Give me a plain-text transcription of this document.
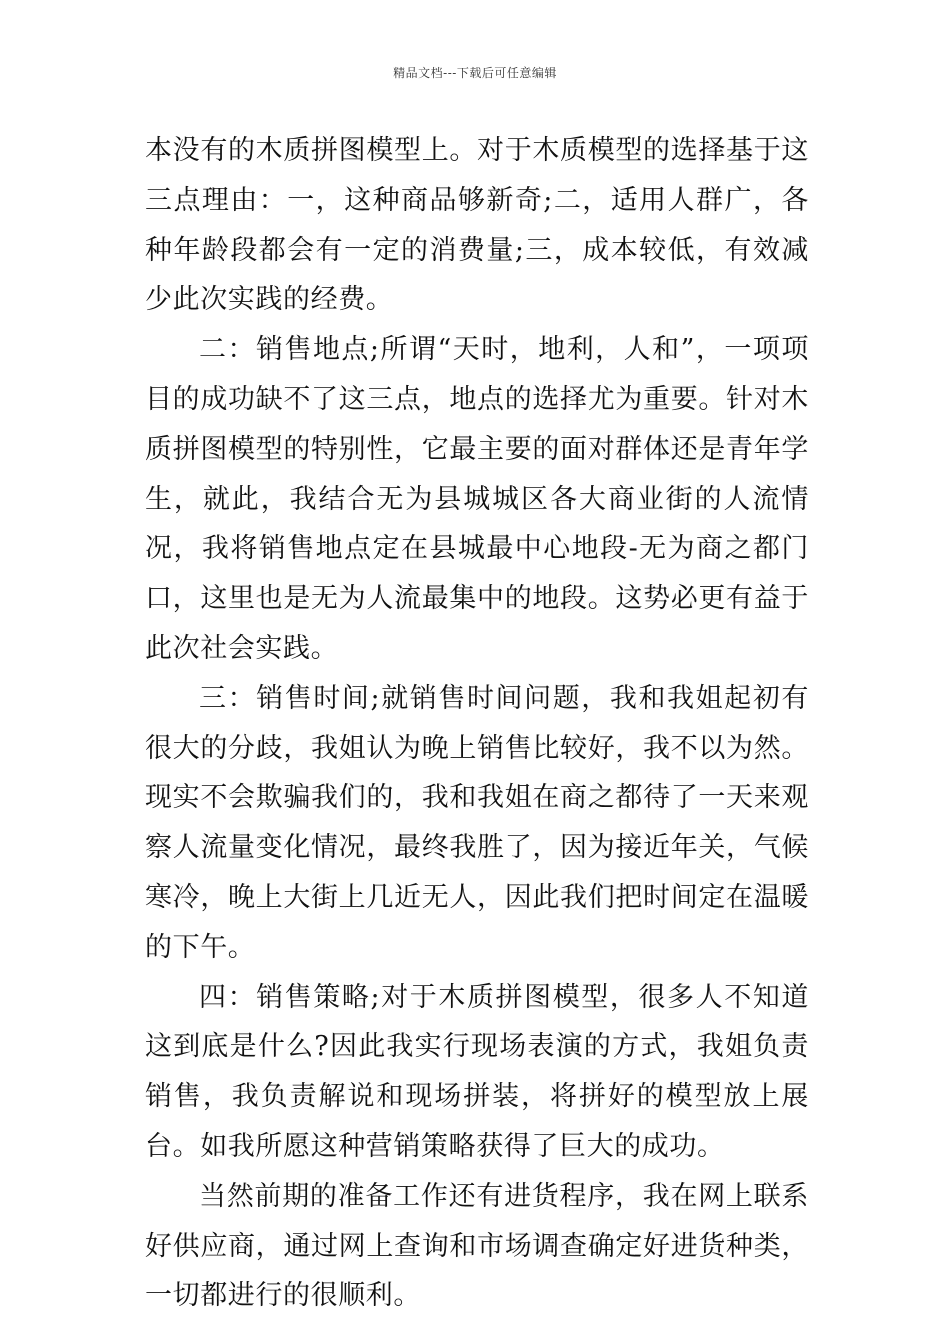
精品文档---下载后可任意编辑

本没有的木质拼图模型上。对于木质模型的选择基于这三点理由：一，这种商品够新奇;二，适用人群广，各种年龄段都会有一定的消费量;三，成本较低，有效减少此次实践的经费。

二：销售地点;所谓“天时，地利，人和”，一项项目的成功缺不了这三点，地点的选择尤为重要。针对木质拼图模型的特别性，它最主要的面对群体还是青年学生，就此，我结合无为县城城区各大商业街的人流情况，我将销售地点定在县城最中心地段-无为商之都门口，这里也是无为人流最集中的地段。这势必更有益于此次社会实践。

三：销售时间;就销售时间问题，我和我姐起初有很大的分歧，我姐认为晚上销售比较好，我不以为然。现实不会欺骗我们的，我和我姐在商之都待了一天来观察人流量变化情况，最终我胜了，因为接近年关，气候寒冷，晚上大街上几近无人，因此我们把时间定在温暖的下午。

四：销售策略;对于木质拼图模型，很多人不知道这到底是什么?因此我实行现场表演的方式，我姐负责销售，我负责解说和现场拼装，将拼好的模型放上展台。如我所愿这种营销策略获得了巨大的成功。

当然前期的准备工作还有进货程序，我在网上联系好供应商，通过网上查询和市场调查确定好进货种类，一切都进行的很顺利。
